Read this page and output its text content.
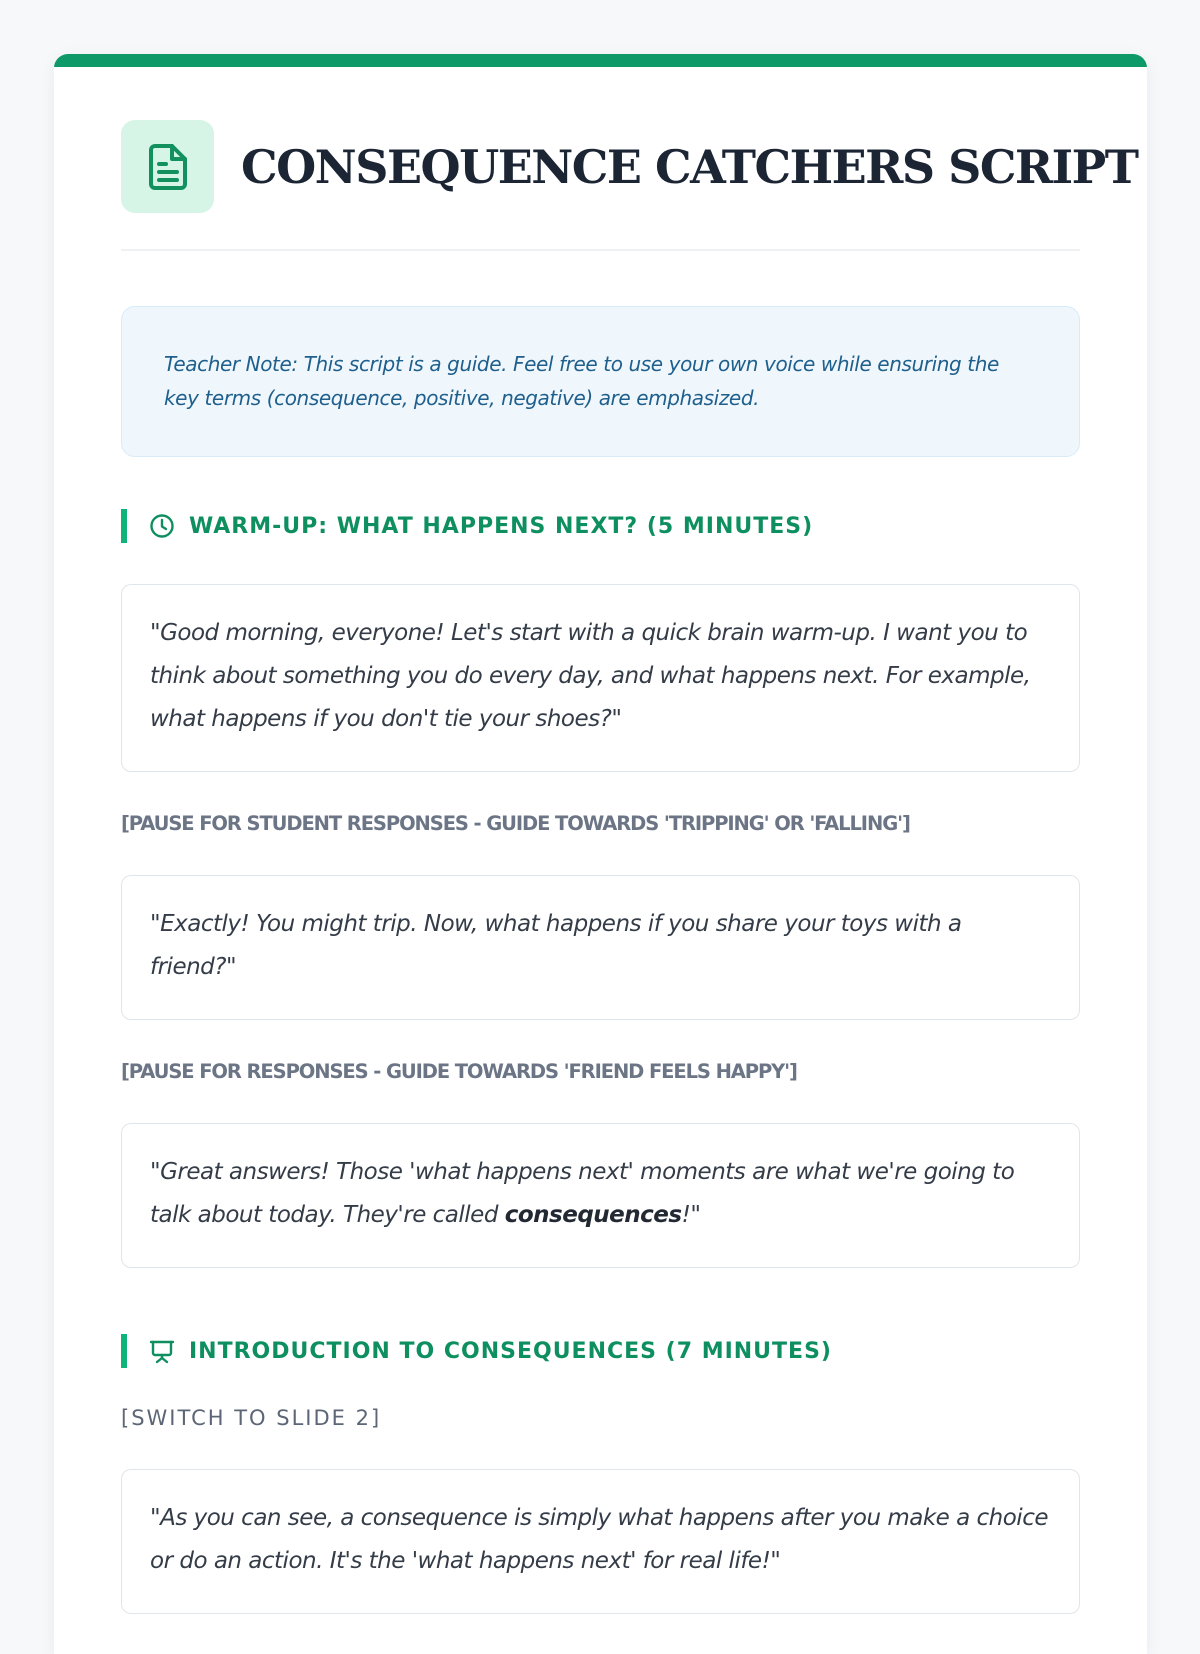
CONSEQUENCE CATCHERS SCRIPT
Teacher Note: This script is a guide. Feel free to use your own voice while ensuring the key terms (consequence, positive, negative) are emphasized.
WARM-UP: WHAT HAPPENS NEXT? (5 MINUTES)
"Good morning, everyone! Let's start with a quick brain warm-up. I want you to think about something you do every day, and what happens next. For example, what happens if you don't tie your shoes?"
[PAUSE FOR STUDENT RESPONSES - GUIDE TOWARDS 'TRIPPING' OR 'FALLING']
"Exactly! You might trip. Now, what happens if you share your toys with a friend?"
[PAUSE FOR RESPONSES - GUIDE TOWARDS 'FRIEND FEELS HAPPY']
"Great answers! Those 'what happens next' moments are what we're going to talk about today. They're called consequences!"
INTRODUCTION TO CONSEQUENCES (7 MINUTES)
[SWITCH TO SLIDE 2]
"As you can see, a consequence is simply what happens after you make a choice or do an action. It's the 'what happens next' for real life!"
